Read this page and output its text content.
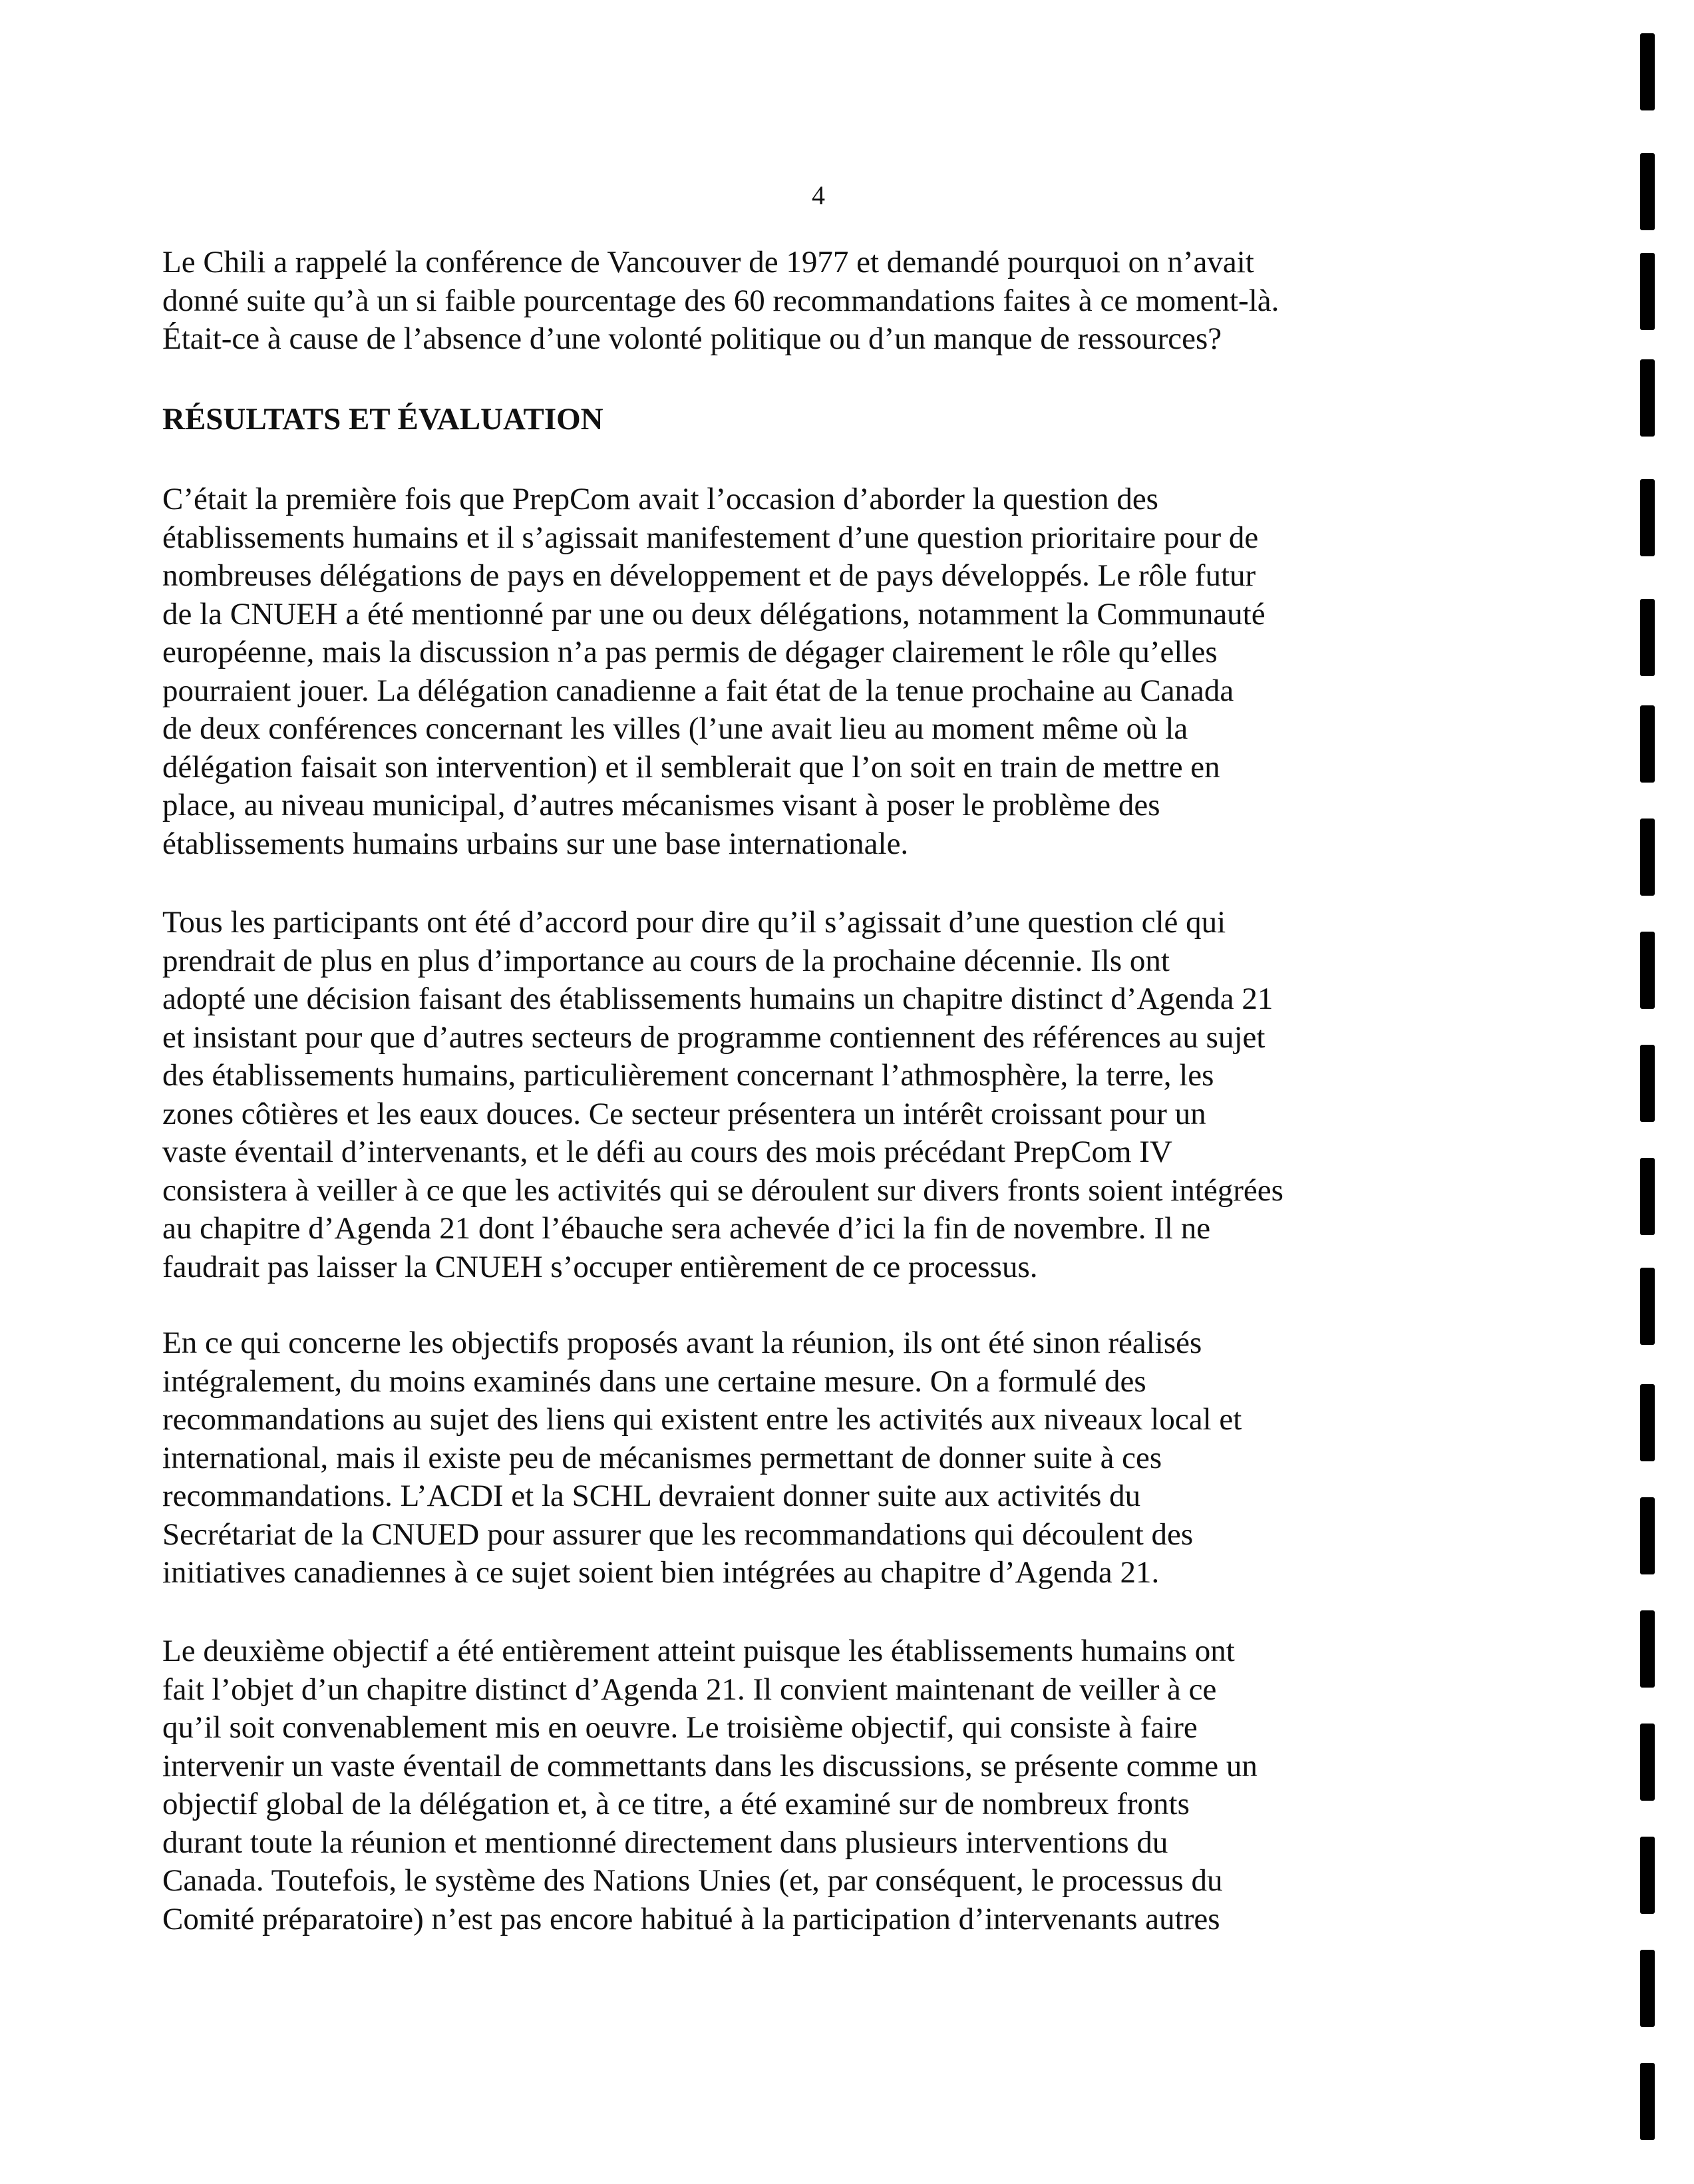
4

Le Chili a rappelé la conférence de Vancouver de 1977 et demandé pourquoi on n’avait
donné suite qu’à un si faible pourcentage des 60 recommandations faites à ce moment-là.
Était-ce à cause de l’absence d’une volonté politique ou d’un manque de ressources?

RÉSULTATS ET ÉVALUATION

C’était la première fois que PrepCom avait l’occasion d’aborder la question des
établissements humains et il s’agissait manifestement d’une question prioritaire pour de
nombreuses délégations de pays en développement et de pays développés. Le rôle futur
de la CNUEH a été mentionné par une ou deux délégations, notamment la Communauté
européenne, mais la discussion n’a pas permis de dégager clairement le rôle qu’elles
pourraient jouer. La délégation canadienne a fait état de la tenue prochaine au Canada
de deux conférences concernant les villes (l’une avait lieu au moment même où la
délégation faisait son intervention) et il semblerait que l’on soit en train de mettre en
place, au niveau municipal, d’autres mécanismes visant à poser le problème des
établissements humains urbains sur une base internationale.

Tous les participants ont été d’accord pour dire qu’il s’agissait d’une question clé qui
prendrait de plus en plus d’importance au cours de la prochaine décennie. Ils ont
adopté une décision faisant des établissements humains un chapitre distinct d’Agenda 21
et insistant pour que d’autres secteurs de programme contiennent des références au sujet
des établissements humains, particulièrement concernant l’athmosphère, la terre, les
zones côtières et les eaux douces. Ce secteur présentera un intérêt croissant pour un
vaste éventail d’intervenants, et le défi au cours des mois précédant PrepCom IV
consistera à veiller à ce que les activités qui se déroulent sur divers fronts soient intégrées
au chapitre d’Agenda 21 dont l’ébauche sera achevée d’ici la fin de novembre. Il ne
faudrait pas laisser la CNUEH s’occuper entièrement de ce processus.

En ce qui concerne les objectifs proposés avant la réunion, ils ont été sinon réalisés
intégralement, du moins examinés dans une certaine mesure. On a formulé des
recommandations au sujet des liens qui existent entre les activités aux niveaux local et
international, mais il existe peu de mécanismes permettant de donner suite à ces
recommandations. L’ACDI et la SCHL devraient donner suite aux activités du
Secrétariat de la CNUED pour assurer que les recommandations qui découlent des
initiatives canadiennes à ce sujet soient bien intégrées au chapitre d’Agenda 21.

Le deuxième objectif a été entièrement atteint puisque les établissements humains ont
fait l’objet d’un chapitre distinct d’Agenda 21. Il convient maintenant de veiller à ce
qu’il soit convenablement mis en oeuvre. Le troisième objectif, qui consiste à faire
intervenir un vaste éventail de commettants dans les discussions, se présente comme un
objectif global de la délégation et, à ce titre, a été examiné sur de nombreux fronts
durant toute la réunion et mentionné directement dans plusieurs interventions du
Canada. Toutefois, le système des Nations Unies (et, par conséquent, le processus du
Comité préparatoire) n’est pas encore habitué à la participation d’intervenants autres
